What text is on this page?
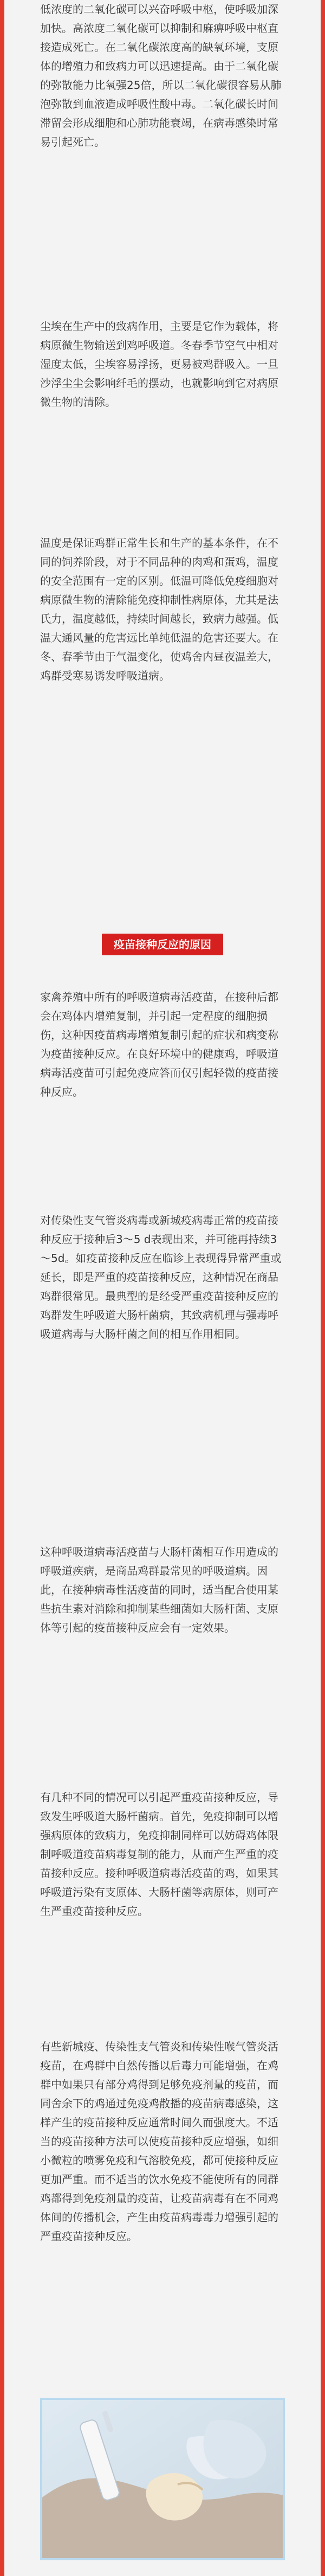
低浓度的二氧化碳可以兴奋呼吸中枢，使呼吸加深加快。高浓度二氧化碳可以抑制和麻痹呼吸中枢直接造成死亡。在二氧化碳浓度高的缺氧环境，支原体的增殖力和致病力可以迅速提高。由于二氧化碳的弥散能力比氧强25倍，所以二氧化碳很容易从肺泡弥散到血液造成呼吸性酸中毒。二氧化碳长时间滞留会形成细胞和心肺功能衰竭，在病毒感染时常易引起死亡。

尘埃在生产中的致病作用，主要是它作为载体，将病原微生物输送到鸡呼吸道。冬春季节空气中相对湿度太低，尘埃容易浮扬，更易被鸡群吸入。一旦沙浮尘尘会影响纤毛的摆动，也就影响到它对病原微生物的清除。

温度是保证鸡群正常生长和生产的基本条件，在不同的饲养阶段，对于不同品种的肉鸡和蛋鸡，温度的安全范围有一定的区别。低温可降低免疫细胞对病原微生物的清除能免疫抑制性病原体，尤其是法氏力，温度越低，持续时间越长，致病力越强。低温大通风量的危害远比单纯低温的危害还要大。在冬、春季节由于气温变化，使鸡舍内昼夜温差大，鸡群受寒易诱发呼吸道病。

疫苗接种反应的原因

家禽养殖中所有的呼吸道病毒活疫苗，在接种后都会在鸡体内增殖复制，并引起一定程度的细胞损伤，这种因疫苗病毒增殖复制引起的症状和病变称为疫苗接种反应。在良好环境中的健康鸡，呼吸道病毒活疫苗可引起免疫应答而仅引起轻微的疫苗接种反应。

对传染性支气管炎病毒或新城疫病毒正常的疫苗接种反应于接种后3～5 d表现出来，并可能再持续3～5d。如疫苗接种反应在临诊上表现得异常严重或延长，即是严重的疫苗接种反应，这种情况在商品鸡群很常见。最典型的是经受严重疫苗接种反应的鸡群发生呼吸道大肠杆菌病，其致病机理与强毒呼吸道病毒与大肠杆菌之间的相互作用相同。

这种呼吸道病毒活疫苗与大肠杆菌相互作用造成的呼吸道疾病，是商品鸡群最常见的呼吸道病。因此，在接种病毒性活疫苗的同时，适当配合使用某些抗生素对消除和抑制某些细菌如大肠杆菌、支原体等引起的疫苗接种反应会有一定效果。

有几种不同的情况可以引起严重疫苗接种反应，导致发生呼吸道大肠杆菌病。首先，免疫抑制可以增强病原体的致病力，免疫抑制同样可以妨碍鸡体限制呼吸道疫苗病毒复制的能力，从而产生严重的疫苗接种反应。接种呼吸道病毒活疫苗的鸡，如果其呼吸道污染有支原体、大肠杆菌等病原体，则可产生严重疫苗接种反应。

有些新城疫、传染性支气管炎和传染性喉气管炎活疫苗，在鸡群中自然传播以后毒力可能增强，在鸡群中如果只有部分鸡得到足够免疫剂量的疫苗，而同舍余下的鸡通过免疫鸡散播的疫苗病毒感染，这样产生的疫苗接种反应通常时间久而强度大。不适当的疫苗接种方法可以使疫苗接种反应增强，如细小微粒的喷雾免疫和气溶胶免疫，都可使接种反应更加严重。而不适当的饮水免疫不能使所有的同群鸡都得到免疫剂量的疫苗，让疫苗病毒有在不同鸡体间的传播机会，产生由疫苗病毒毒力增强引起的严重疫苗接种反应。
